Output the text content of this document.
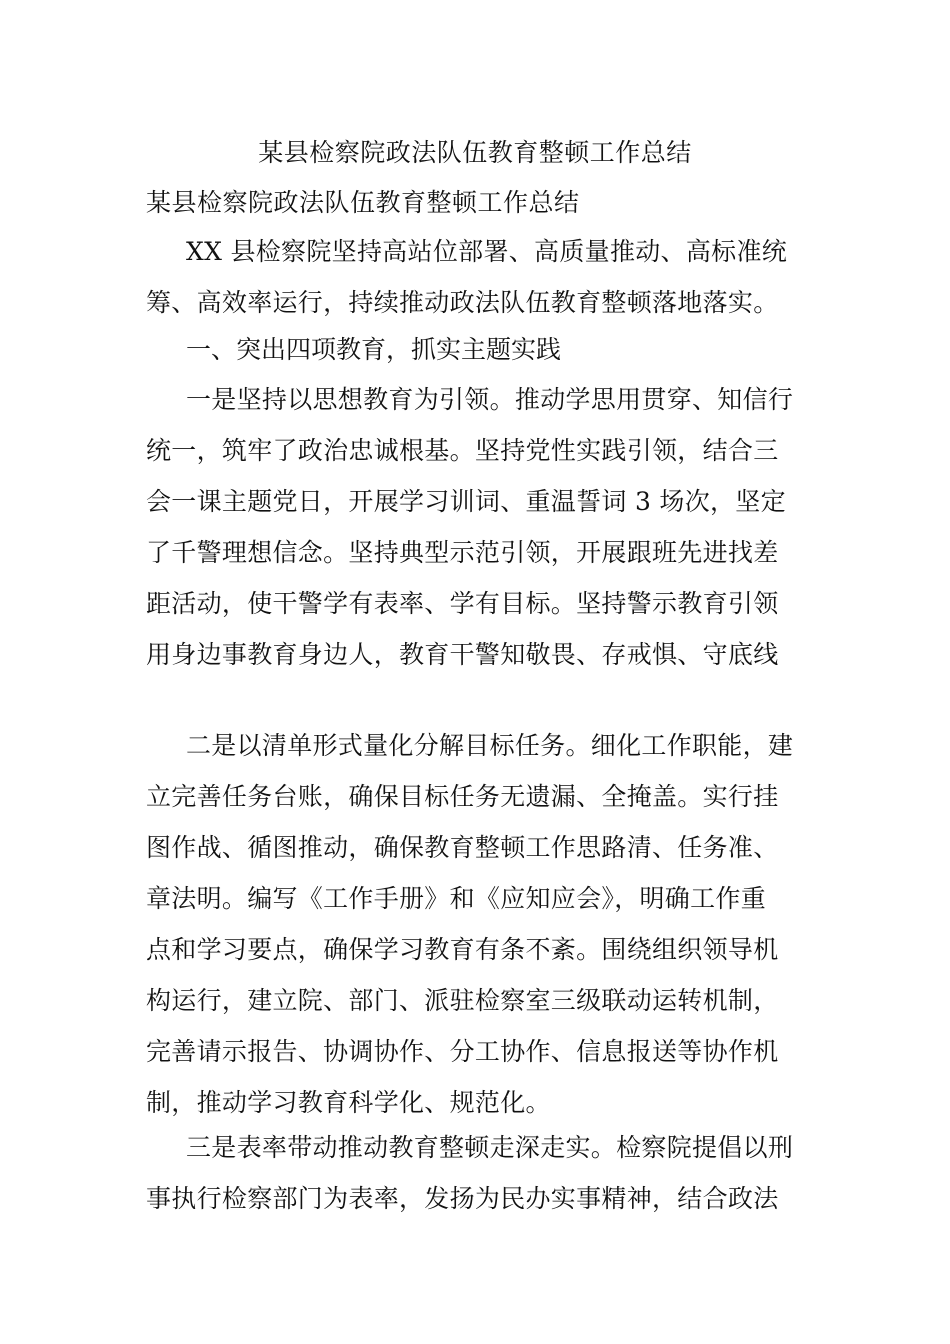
某县检察院政法队伍教育整顿工作总结
某县检察院政法队伍教育整顿工作总结
XX 县检察院坚持高站位部署、高质量推动、高标准统
筹、高效率运行，持续推动政法队伍教育整顿落地落实。
一、突出四项教育，抓实主题实践
一是坚持以思想教育为引领。推动学思用贯穿、知信行
统一，筑牢了政治忠诚根基。坚持党性实践引领，结合三
会一课主题党日，开展学习训词、重温誓词 3 场次，坚定
了千警理想信念。坚持典型示范引领，开展跟班先进找差
距活动，使干警学有表率、学有目标。坚持警示教育引领
用身边事教育身边人，教育干警知敬畏、存戒惧、守底线
二是以清单形式量化分解目标任务。细化工作职能，建
立完善任务台账，确保目标任务无遗漏、全掩盖。实行挂
图作战、循图推动，确保教育整顿工作思路清、任务准、
章法明。编写《工作手册》和《应知应会》，明确工作重
点和学习要点，确保学习教育有条不紊。围绕组织领导机
构运行，建立院、部门、派驻检察室三级联动运转机制，
完善请示报告、协调协作、分工协作、信息报送等协作机
制，推动学习教育科学化、规范化。
三是表率带动推动教育整顿走深走实。检察院提倡以刑
事执行检察部门为表率，发扬为民办实事精神，结合政法
